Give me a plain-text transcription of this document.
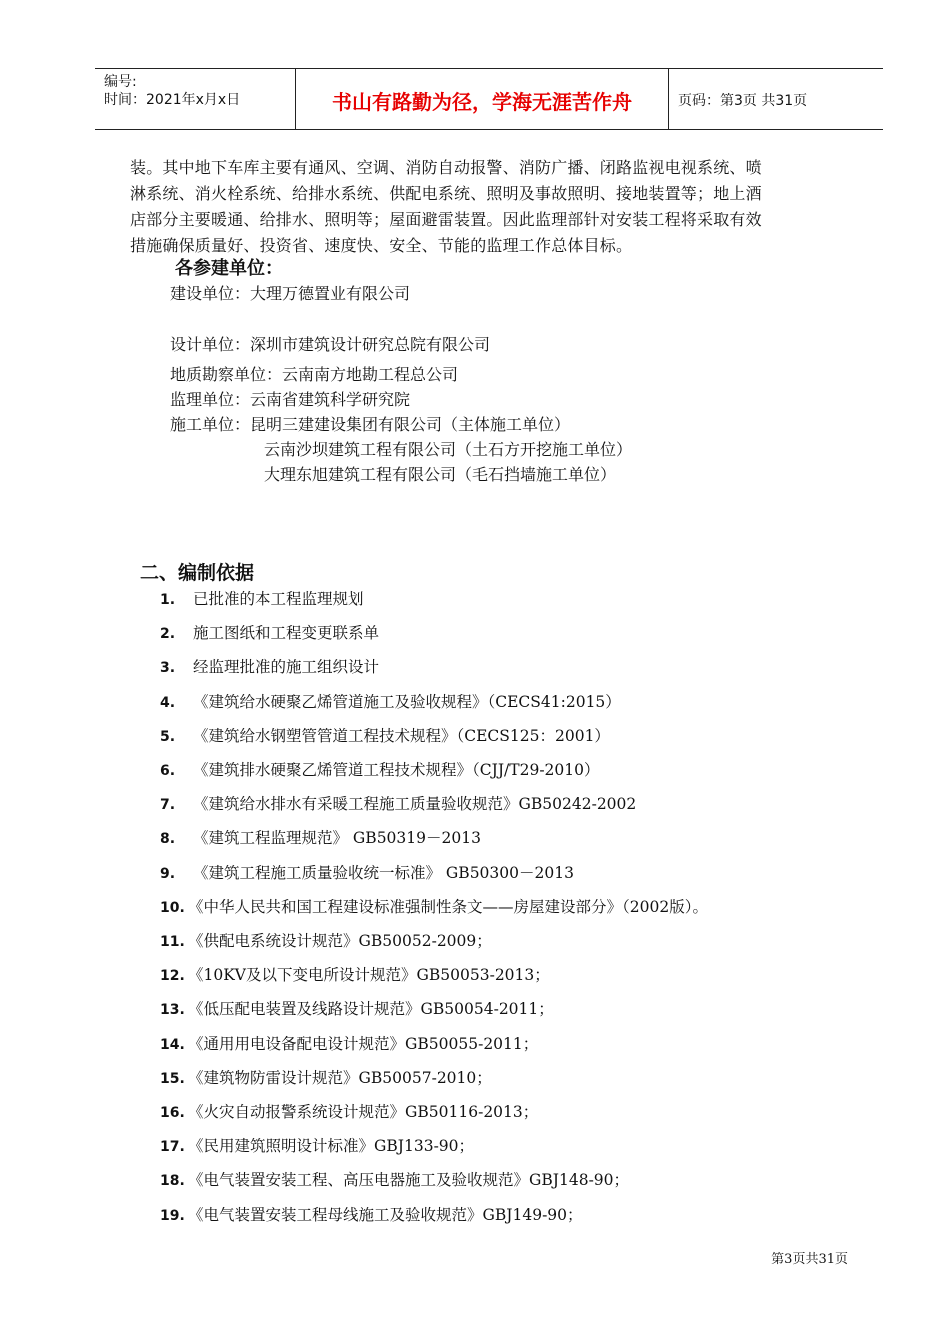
编号:
时间：2021年x月x日	书山有路勤为径，学海无涯苦作舟	页码：第3页 共31页
装。其中地下车库主要有通风、空调、消防自动报警、消防广播、闭路监视电视系统、喷
淋系统、消火栓系统、给排水系统、供配电系统、照明及事故照明、接地装置等；地上酒
店部分主要暖通、给排水、照明等；屋面避雷装置。因此监理部针对安装工程将采取有效
措施确保质量好、投资省、速度快、安全、节能的监理工作总体目标。
各参建单位：
建设单位：大理万德置业有限公司
设计单位：深圳市建筑设计研究总院有限公司
地质勘察单位：云南南方地勘工程总公司
监理单位：云南省建筑科学研究院
施工单位：昆明三建建设集团有限公司（主体施工单位）
云南沙坝建筑工程有限公司（土石方开挖施工单位）
大理东旭建筑工程有限公司（毛石挡墙施工单位）
二、编制依据
1. 已批准的本工程监理规划
2. 施工图纸和工程变更联系单
3. 经监理批准的施工组织设计
4. 《建筑给水硬聚乙烯管道施工及验收规程》（CECS41:2015）
5. 《建筑给水钢塑管管道工程技术规程》（CECS125：2001）
6. 《建筑排水硬聚乙烯管道工程技术规程》（CJJ/T29-2010）
7. 《建筑给水排水有采暖工程施工质量验收规范》GB50242-2002
8. 《建筑工程监理规范》 GB50319－2013
9. 《建筑工程施工质量验收统一标准》 GB50300－2013
10. 《中华人民共和国工程建设标准强制性条文——房屋建设部分》（2002版）。
11. 《供配电系统设计规范》GB50052-2009；
12. 《10KV及以下变电所设计规范》GB50053-2013；
13. 《低压配电装置及线路设计规范》GB50054-2011；
14. 《通用用电设备配电设计规范》GB50055-2011；
15. 《建筑物防雷设计规范》GB50057-2010；
16. 《火灾自动报警系统设计规范》GB50116-2013；
17. 《民用建筑照明设计标准》GBJ133-90；
18. 《电气装置安装工程、高压电器施工及验收规范》GBJ148-90；
19. 《电气装置安装工程母线施工及验收规范》GBJ149-90；
第3页共31页
